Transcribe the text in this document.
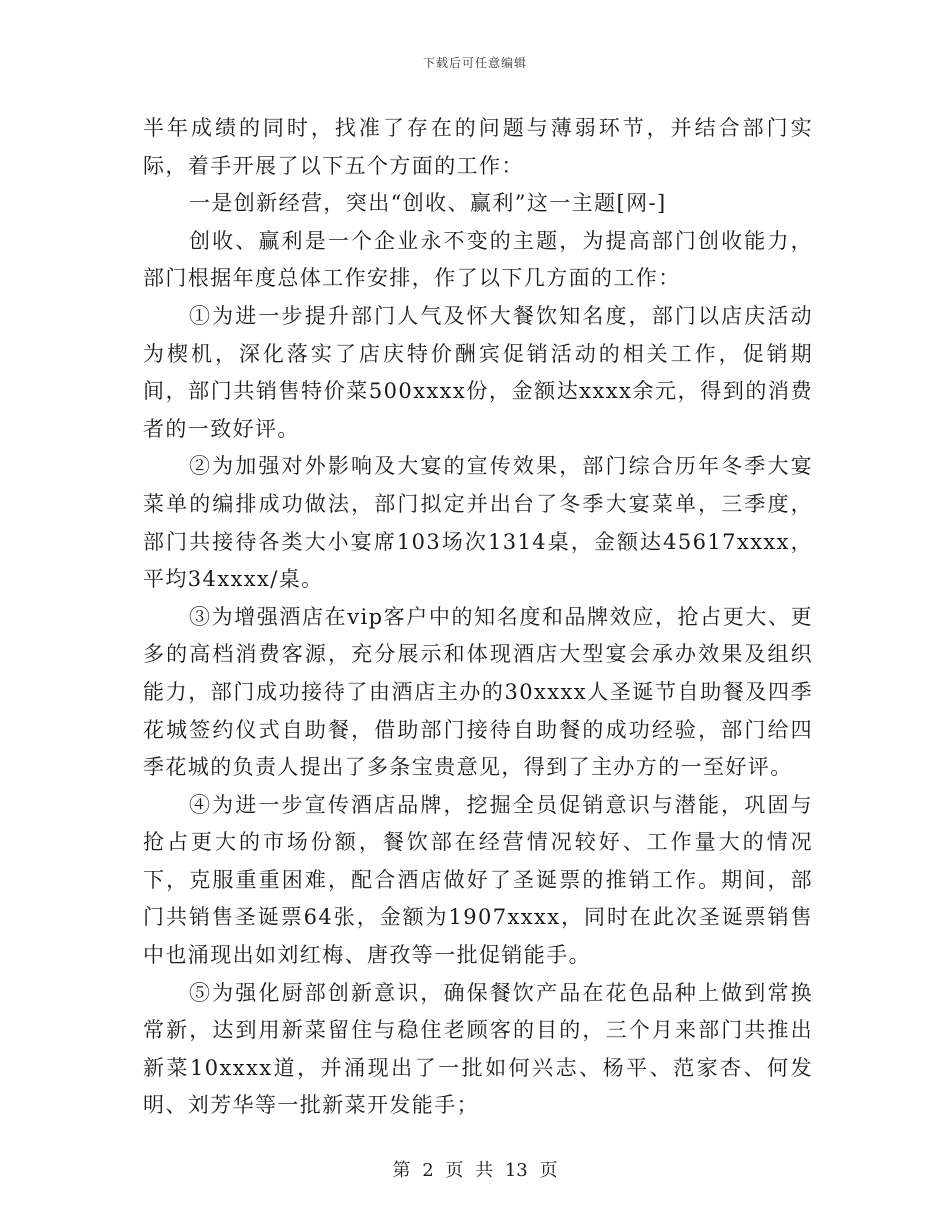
下载后可任意编辑

半年成绩的同时，找准了存在的问题与薄弱环节，并结合部门实际，着手开展了以下五个方面的工作：

一是创新经营，突出“创收、赢利”这一主题[网-]

创收、赢利是一个企业永不变的主题，为提高部门创收能力，部门根据年度总体工作安排，作了以下几方面的工作：

①为进一步提升部门人气及怀大餐饮知名度，部门以店庆活动为楔机，深化落实了店庆特价酬宾促销活动的相关工作，促销期间，部门共销售特价菜500xxxx份，金额达xxxx余元，得到的消费者的一致好评。

②为加强对外影响及大宴的宣传效果，部门综合历年冬季大宴菜单的编排成功做法，部门拟定并出台了冬季大宴菜单，三季度，部门共接待各类大小宴席103场次1314桌，金额达45617xxxx，平均34xxxx/桌。

③为增强酒店在vip客户中的知名度和品牌效应，抢占更大、更多的高档消费客源，充分展示和体现酒店大型宴会承办效果及组织能力，部门成功接待了由酒店主办的30xxxx人圣诞节自助餐及四季花城签约仪式自助餐，借助部门接待自助餐的成功经验，部门给四季花城的负责人提出了多条宝贵意见，得到了主办方的一至好评。

④为进一步宣传酒店品牌，挖掘全员促销意识与潜能，巩固与抢占更大的市场份额，餐饮部在经营情况较好、工作量大的情况下，克服重重困难，配合酒店做好了圣诞票的推销工作。期间，部门共销售圣诞票64张，金额为1907xxxx，同时在此次圣诞票销售中也涌现出如刘红梅、唐孜等一批促销能手。

⑤为强化厨部创新意识，确保餐饮产品在花色品种上做到常换常新，达到用新菜留住与稳住老顾客的目的，三个月来部门共推出新菜10xxxx道，并涌现出了一批如何兴志、杨平、范家杏、何发明、刘芳华等一批新菜开发能手；

第 2 页 共 13 页
